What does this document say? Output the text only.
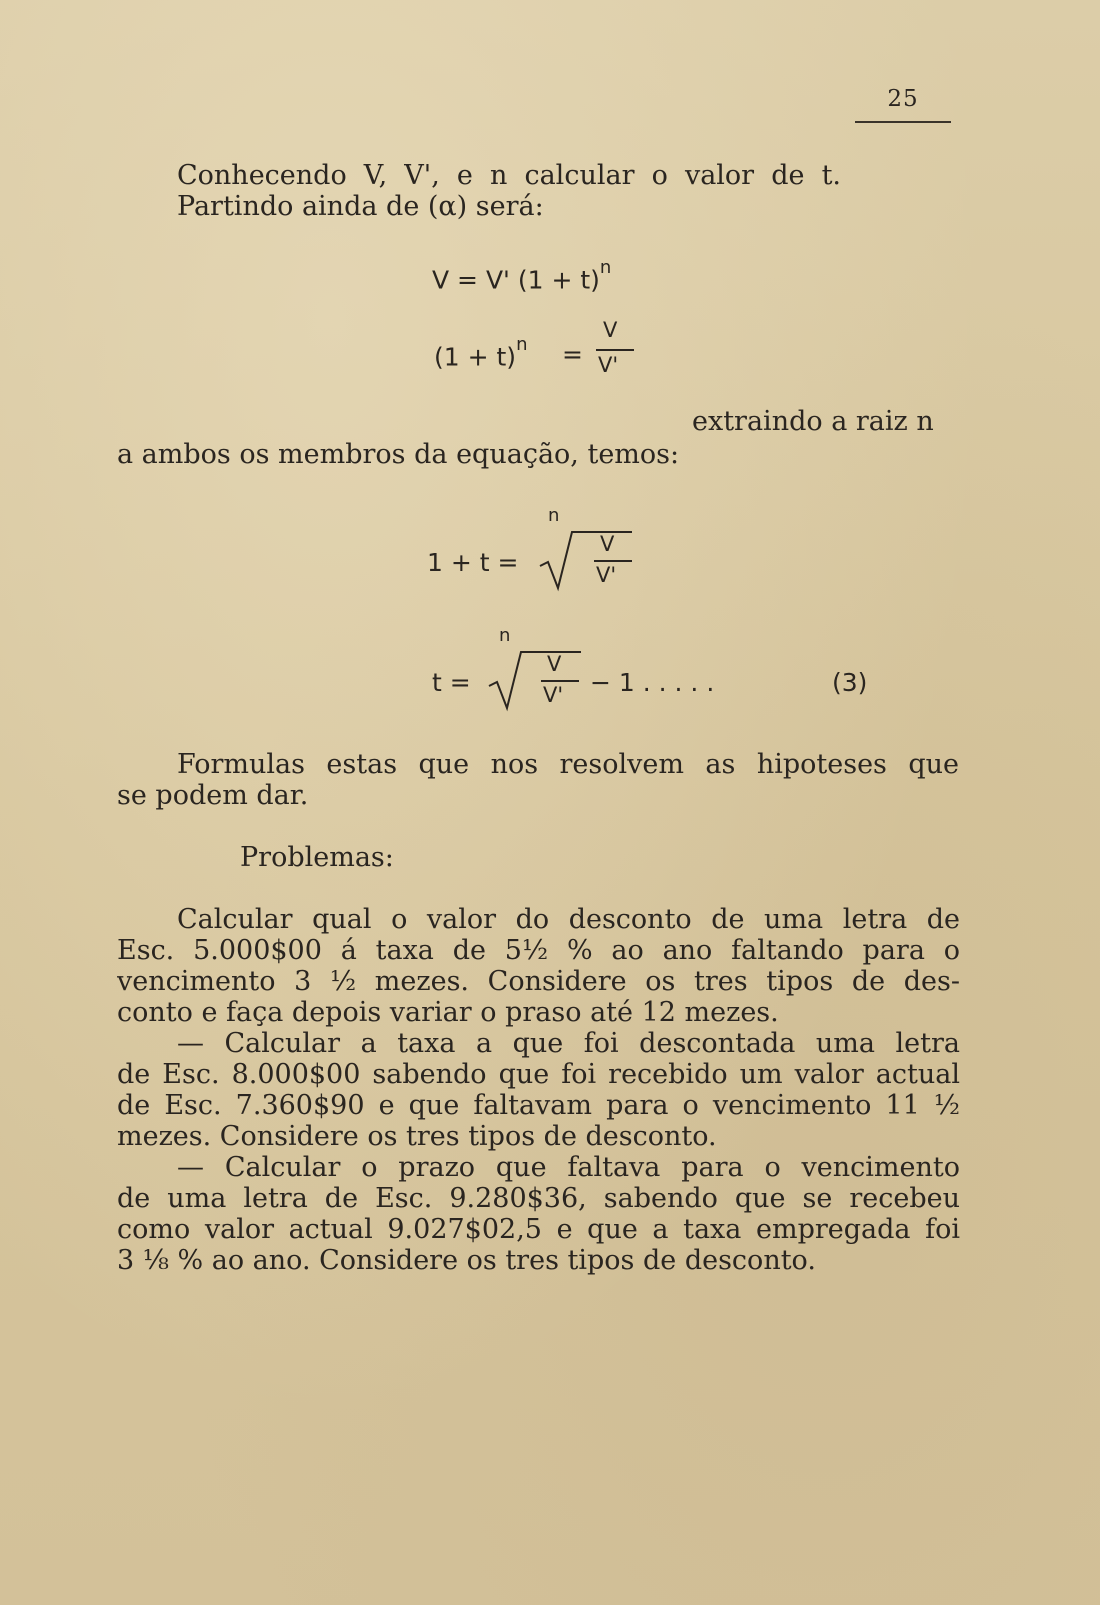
25
Conhecendo V, V', e n calcular o valor de t.
Partindo ainda de (α) será:
V = V' $(1 + t)^n$
$(1 + t)^n$ =
V
V'
extraindo a raiz n
a ambos os membros da equação, temos:
1 + t =
n
V
V'
t =
n
V
V' − 1 . . . . .	(3)
Formulas estas que nos resolvem as hipoteses que
se podem dar.
Problemas:
Calcular qual o valor do desconto de uma letra de
Esc. 5.000$00 á taxa de 5½ % ao ano faltando para o
vencimento 3 ½ mezes. Considere os tres tipos de des-
conto e faça depois variar o praso até 12 mezes.
— Calcular a taxa a que foi descontada uma letra
de Esc. 8.000$00 sabendo que foi recebido um valor actual
de Esc. 7.360$90 e que faltavam para o vencimento 11 ½
mezes. Considere os tres tipos de desconto.
— Calcular o prazo que faltava para o vencimento
de uma letra de Esc. 9.280$36, sabendo que se recebeu
como valor actual 9.027$02,5 e que a taxa empregada foi
3 ⅛ % ao ano. Considere os tres tipos de desconto.
